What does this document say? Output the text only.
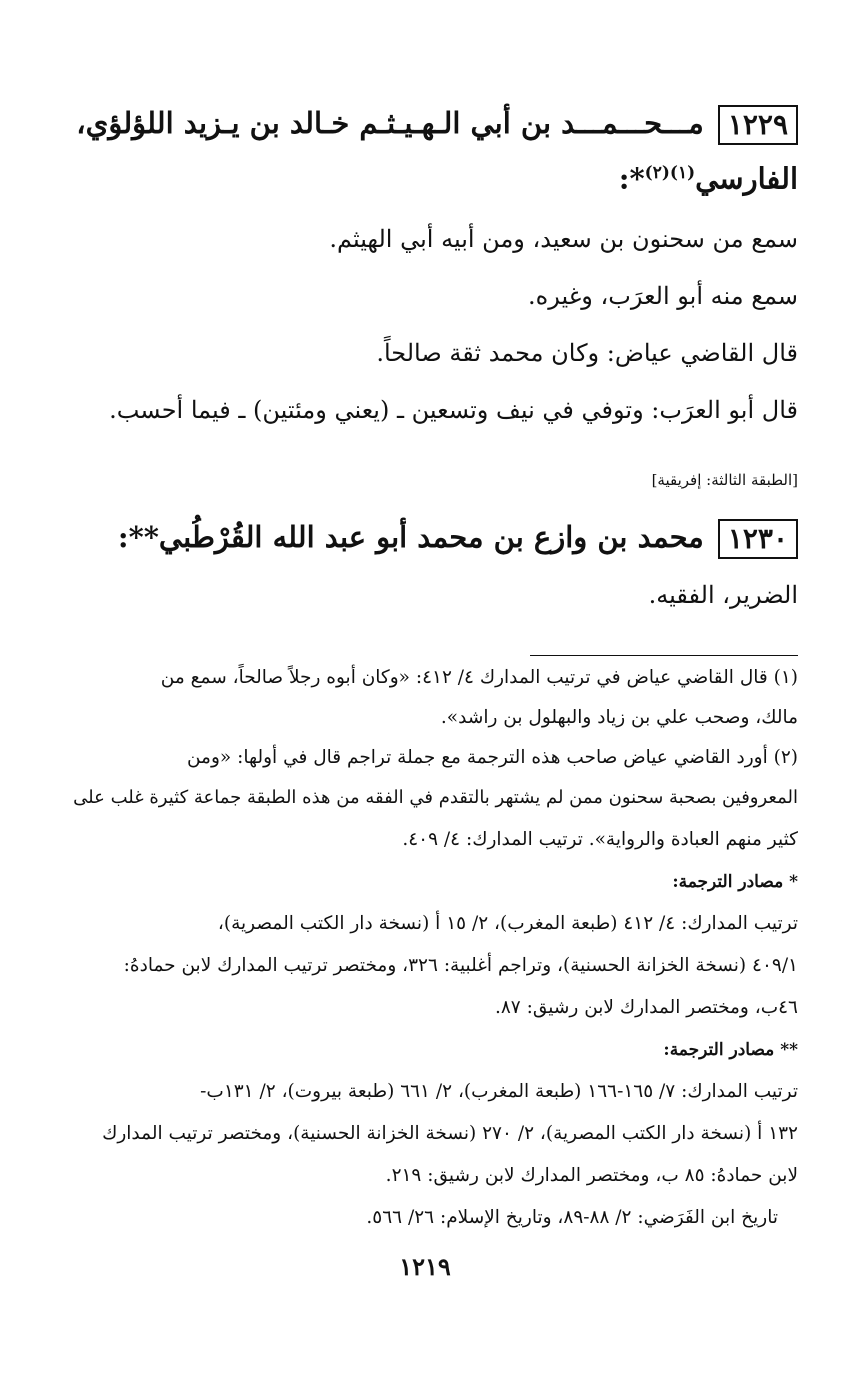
١٢٢٩مـــحـــمـــد بن أبي الـهـيـثـم خـالد بن يـزيد اللؤلؤي،
الفارسي$^{(١)(٢)}$*:
سمع من سحنون بن سعيد، ومن أبيه أبي الهيثم.
سمع منه أبو العرَب، وغيره.
قال القاضي عياض: وكان محمد ثقة صالحاً.
قال أبو العرَب: وتوفي في نيف وتسعين ـ (يعني ومئتين) ـ فيما أحسب.
[الطبقة الثالثة: إفريقية]
١٢٣٠محمد بن وازع بن محمد أبو عبد الله القُرْطُبي**:
الضرير، الفقيه.
(١) قال القاضي عياض في ترتيب المدارك ٤/ ٤١٢: «وكان أبوه رجلاً صالحاً، سمع من
مالك، وصحب علي بن زياد والبهلول بن راشد».
(٢) أورد القاضي عياض صاحب هذه الترجمة مع جملة تراجم قال في أولها: «ومن
المعروفين بصحبة سحنون ممن لم يشتهر بالتقدم في الفقه من هذه الطبقة جماعة كثيرة غلب على
كثير منهم العبادة والرواية». ترتيب المدارك: ٤/ ٤٠٩.
* مصادر الترجمة:
ترتيب المدارك: ٤/ ٤١٢ (طبعة المغرب)، ٢/ ١٥ أ (نسخة دار الكتب المصرية)،
٤٠٩/١ (نسخة الخزانة الحسنية)، وتراجم أغلبية: ٣٢٦، ومختصر ترتيب المدارك لابن حمادهُ:
٤٦ب، ومختصر المدارك لابن رشيق: ٨٧.
** مصادر الترجمة:
ترتيب المدارك: ٧/ ١٦٥-١٦٦ (طبعة المغرب)، ٢/ ٦٦١ (طبعة بيروت)، ٢/ ١٣١ب-
١٣٢ أ (نسخة دار الكتب المصرية)، ٢/ ٢٧٠ (نسخة الخزانة الحسنية)، ومختصر ترتيب المدارك
لابن حمادهُ: ٨٥ ب، ومختصر المدارك لابن رشيق: ٢١٩.
تاريخ ابن الفَرَضي: ٢/ ٨٨-٨٩، وتاريخ الإسلام: ٢٦/ ٥٦٦.
١٢١٩
